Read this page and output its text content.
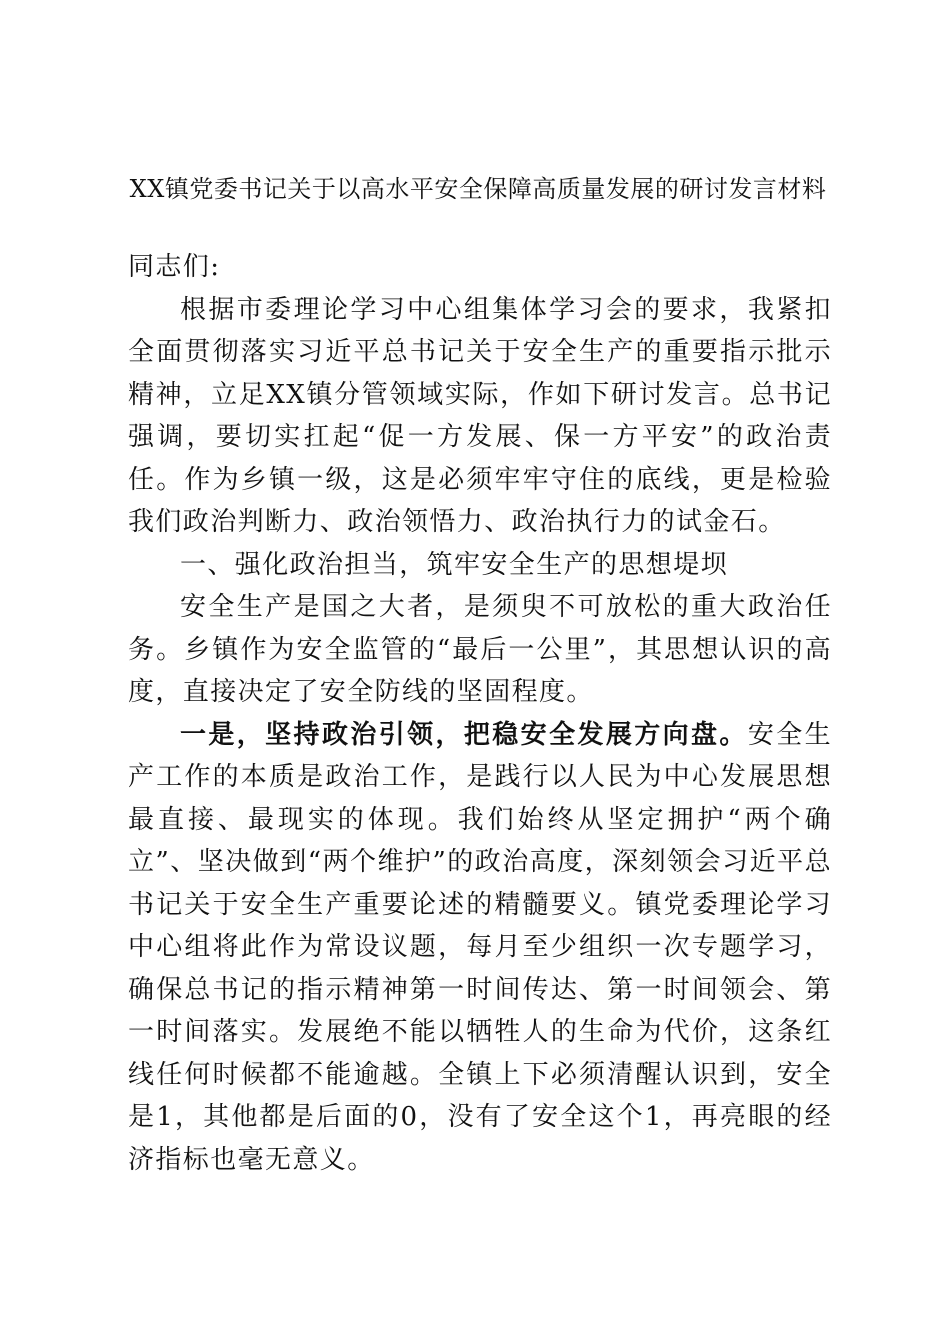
XX镇党委书记关于以高水平安全保障高质量发展的研讨发言材料

同志们:

根据市委理论学习中心组集体学习会的要求，我紧扣全面贯彻落实习近平总书记关于安全生产的重要指示批示精神，立足XX镇分管领域实际，作如下研讨发言。总书记强调，要切实扛起“促一方发展、保一方平安”的政治责任。作为乡镇一级，这是必须牢牢守住的底线，更是检验我们政治判断力、政治领悟力、政治执行力的试金石。

一、强化政治担当，筑牢安全生产的思想堤坝

安全生产是国之大者，是须臾不可放松的重大政治任务。乡镇作为安全监管的“最后一公里”，其思想认识的高度，直接决定了安全防线的坚固程度。

一是，坚持政治引领，把稳安全发展方向盘。安全生产工作的本质是政治工作，是践行以人民为中心发展思想最直接、最现实的体现。我们始终从坚定拥护“两个确立”、坚决做到“两个维护”的政治高度，深刻领会习近平总书记关于安全生产重要论述的精髓要义。镇党委理论学习中心组将此作为常设议题，每月至少组织一次专题学习，确保总书记的指示精神第一时间传达、第一时间领会、第一时间落实。发展绝不能以牺牲人的生命为代价，这条红线任何时候都不能逾越。全镇上下必须清醒认识到，安全是1，其他都是后面的0，没有了安全这个1，再亮眼的经济指标也毫无意义。
